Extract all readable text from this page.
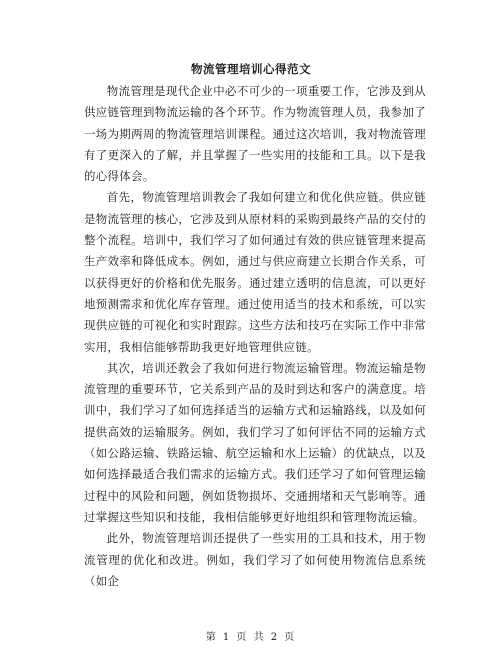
物流管理培训心得范文

物流管理是现代企业中必不可少的一项重要工作，它涉及到从供应链管理到物流运输的各个环节。作为物流管理人员，我参加了一场为期两周的物流管理培训课程。通过这次培训，我对物流管理有了更深入的了解，并且掌握了一些实用的技能和工具。以下是我的心得体会。

首先，物流管理培训教会了我如何建立和优化供应链。供应链是物流管理的核心，它涉及到从原材料的采购到最终产品的交付的整个流程。培训中，我们学习了如何通过有效的供应链管理来提高生产效率和降低成本。例如，通过与供应商建立长期合作关系，可以获得更好的价格和优先服务。通过建立透明的信息流，可以更好地预测需求和优化库存管理。通过使用适当的技术和系统，可以实现供应链的可视化和实时跟踪。这些方法和技巧在实际工作中非常实用，我相信能够帮助我更好地管理供应链。

其次，培训还教会了我如何进行物流运输管理。物流运输是物流管理的重要环节，它关系到产品的及时到达和客户的满意度。培训中，我们学习了如何选择适当的运输方式和运输路线，以及如何提供高效的运输服务。例如，我们学习了如何评估不同的运输方式（如公路运输、铁路运输、航空运输和水上运输）的优缺点，以及如何选择最适合我们需求的运输方式。我们还学习了如何管理运输过程中的风险和问题，例如货物损坏、交通拥堵和天气影响等。通过掌握这些知识和技能，我相信能够更好地组织和管理物流运输。

此外，物流管理培训还提供了一些实用的工具和技术，用于物流管理的优化和改进。例如，我们学习了如何使用物流信息系统（如企

第 1 页 共 2 页
